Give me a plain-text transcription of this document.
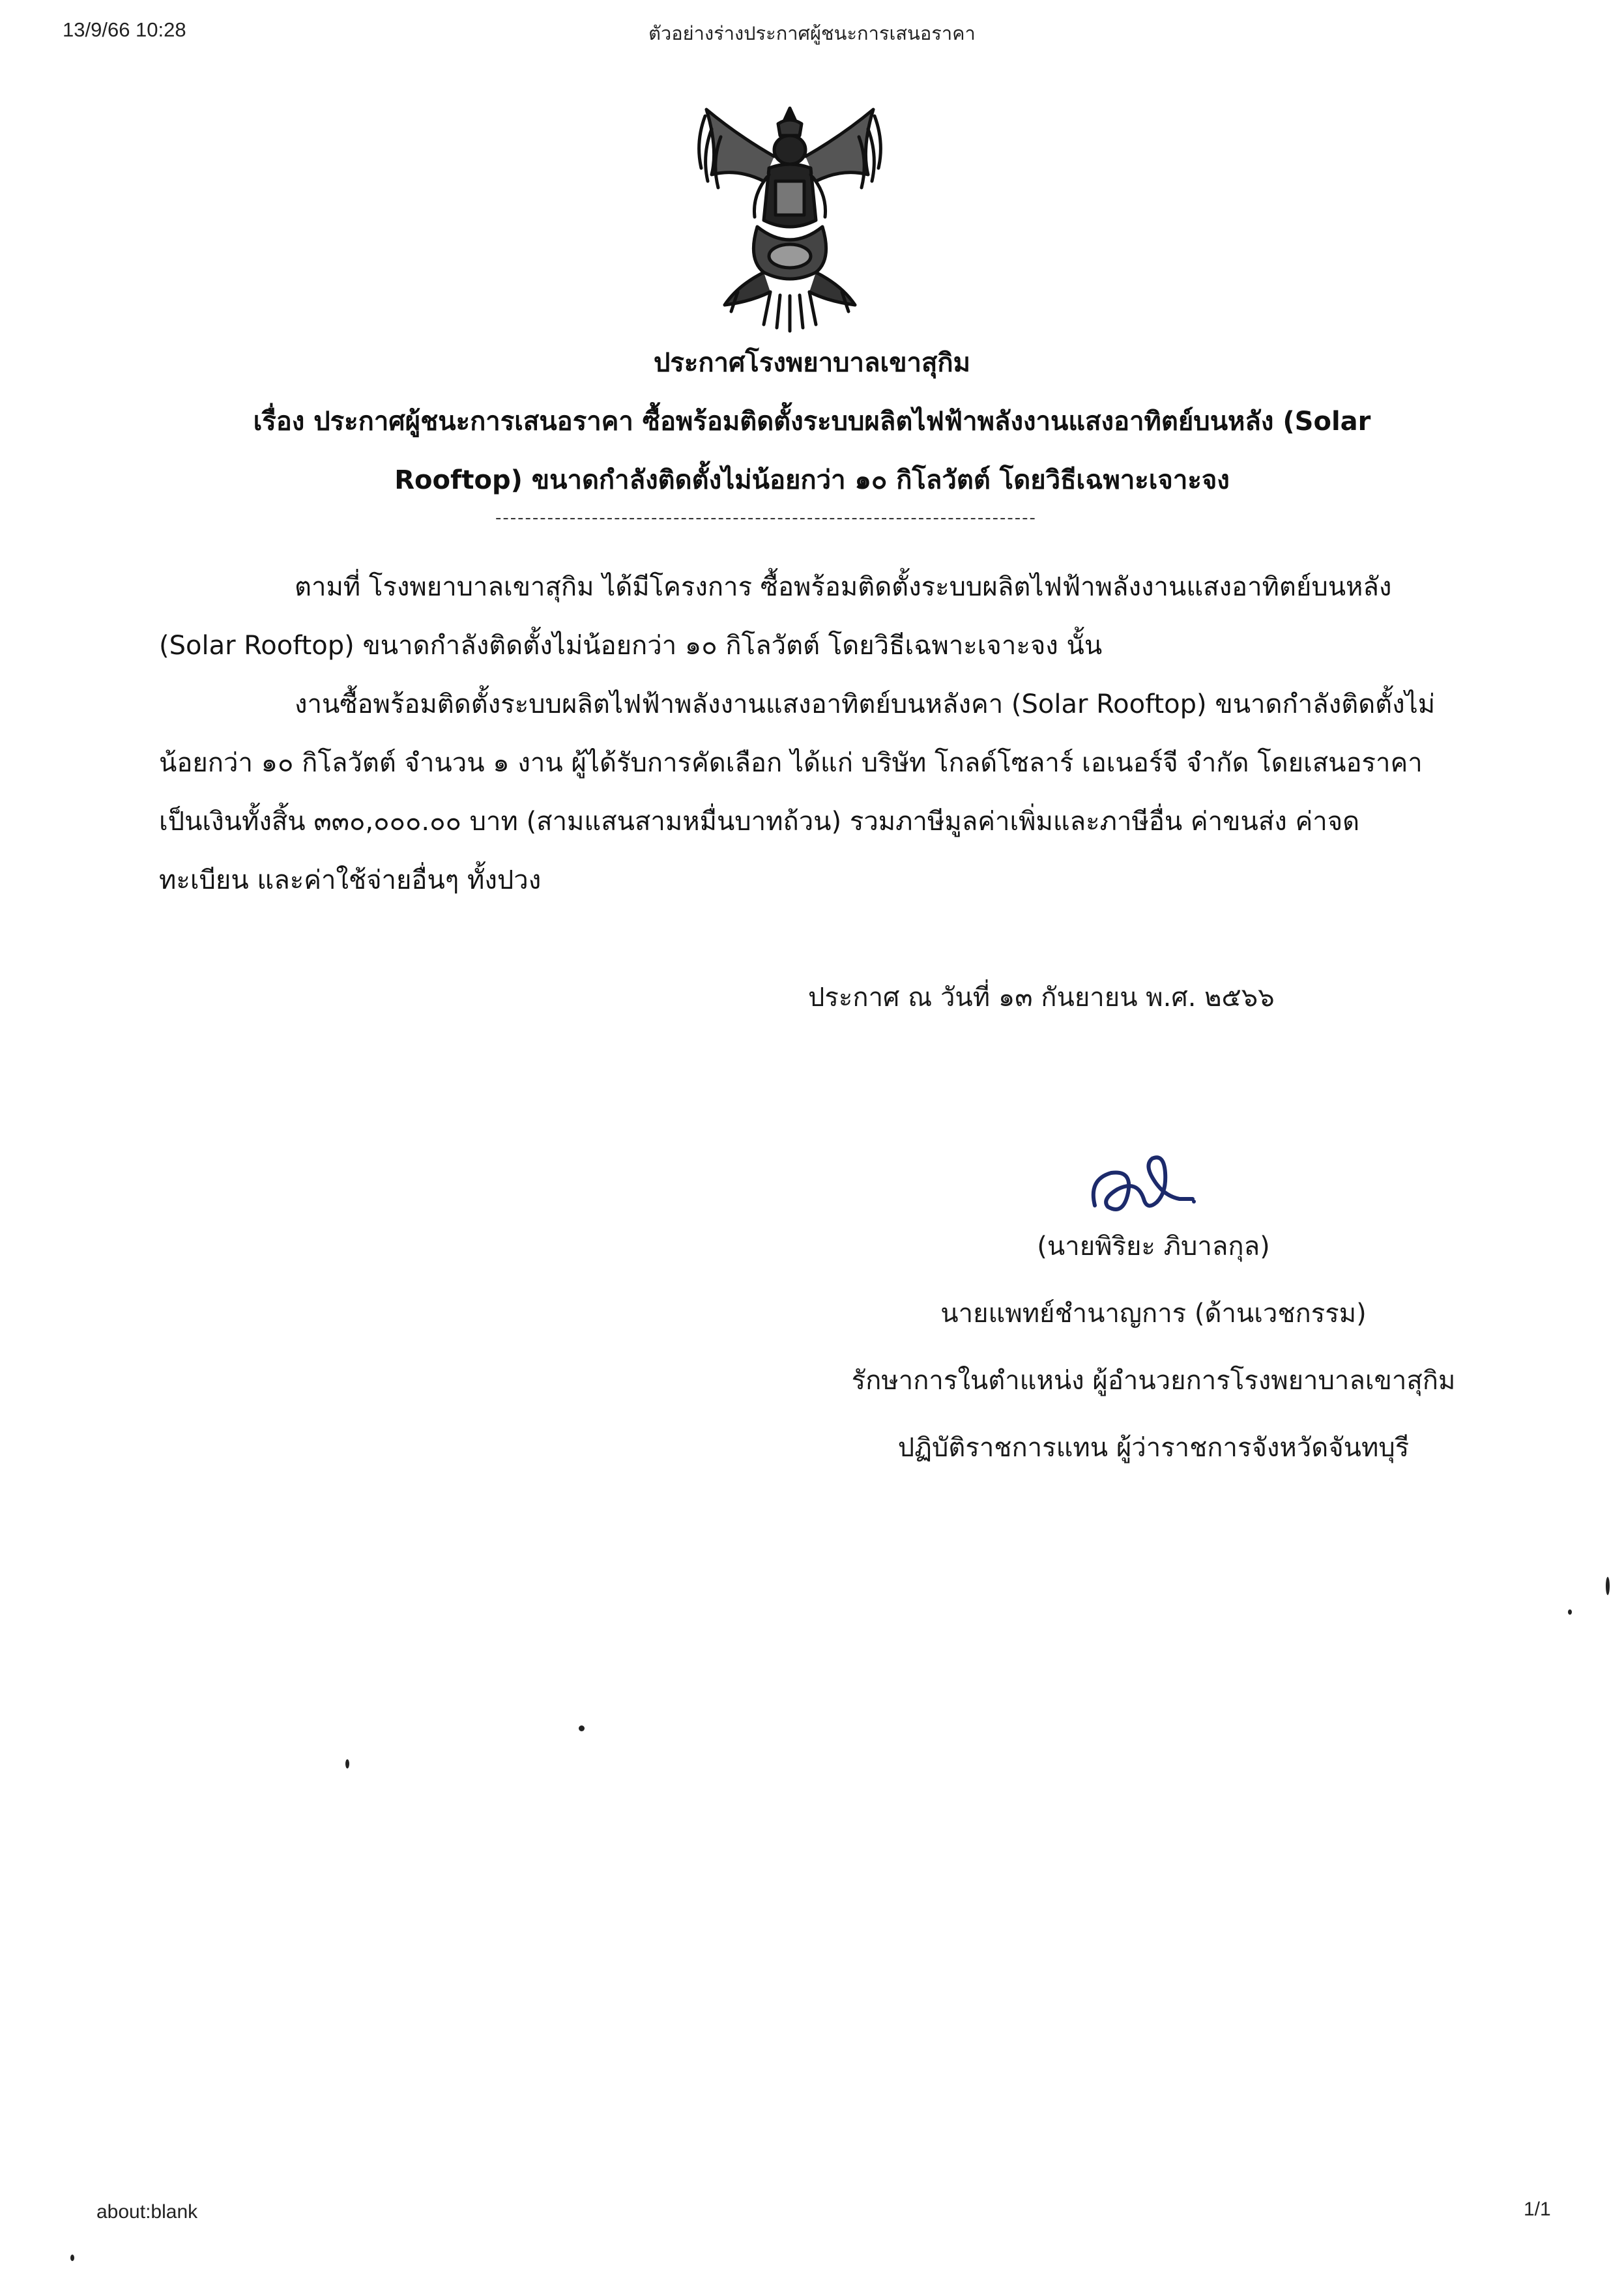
13/9/66 10:28	ตัวอย่างร่างประกาศผู้ชนะการเสนอราคา
ประกาศโรงพยาบาลเขาสุกิม
เรื่อง ประกาศผู้ชนะการเสนอราคา ซื้อพร้อมติดตั้งระบบผลิตไฟฟ้าพลังงานแสงอาทิตย์บนหลัง (Solar
Rooftop) ขนาดกำลังติดตั้งไม่น้อยกว่า ๑๐ กิโลวัตต์ โดยวิธีเฉพาะเจาะจง
-------------------------------------------------------------------------
ตามที่ โรงพยาบาลเขาสุกิม ได้มีโครงการ ซื้อพร้อมติดตั้งระบบผลิตไฟฟ้าพลังงานแสงอาทิตย์บนหลัง
(Solar Rooftop) ขนาดกำลังติดตั้งไม่น้อยกว่า ๑๐ กิโลวัตต์ โดยวิธีเฉพาะเจาะจง นั้น
งานซื้อพร้อมติดตั้งระบบผลิตไฟฟ้าพลังงานแสงอาทิตย์บนหลังคา (Solar Rooftop) ขนาดกำลังติดตั้งไม่
น้อยกว่า ๑๐ กิโลวัตต์ จำนวน ๑ งาน ผู้ได้รับการคัดเลือก ได้แก่ บริษัท โกลด์โซลาร์ เอเนอร์จี จำกัด โดยเสนอราคา
เป็นเงินทั้งสิ้น ๓๓๐,๐๐๐.๐๐ บาท (สามแสนสามหมื่นบาทถ้วน) รวมภาษีมูลค่าเพิ่มและภาษีอื่น ค่าขนส่ง ค่าจด
ทะเบียน และค่าใช้จ่ายอื่นๆ ทั้งปวง
ประกาศ ณ วันที่ ๑๓ กันยายน พ.ศ. ๒๕๖๖
(นายพิริยะ ภิบาลกุล)
นายแพทย์ชำนาญการ (ด้านเวชกรรม)
รักษาการในตำแหน่ง ผู้อำนวยการโรงพยาบาลเขาสุกิม
ปฏิบัติราชการแทน ผู้ว่าราชการจังหวัดจันทบุรี
about:blank	1/1
